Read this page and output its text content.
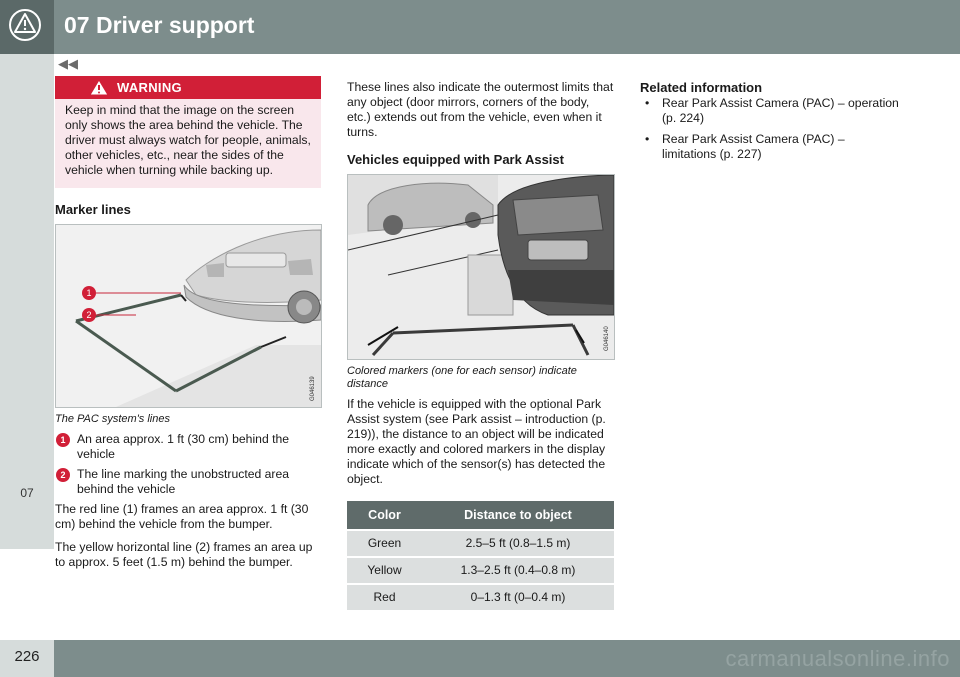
07 Driver support
◀◀
07
WARNING
Keep in mind that the image on the screen only shows the area behind the vehicle. The driver must always watch for people, animals, other vehicles, etc., near the sides of the vehicle when turning while backing up.
Marker lines
1
2
G046139
The PAC system's lines
1 An area approx. 1 ft (30 cm) behind the vehicle
2 The line marking the unobstructed area behind the vehicle

The red line (1) frames an area approx. 1 ft (30 cm) behind the vehicle from the bumper.

The yellow horizontal line (2) frames an area up to approx. 5 feet (1.5 m) behind the bumper.

These lines also indicate the outermost limits that any object (door mirrors, corners of the body, etc.) extends out from the vehicle, even when it turns.

Vehicles equipped with Park Assist
G046140
Colored markers (one for each sensor) indicate distance

If the vehicle is equipped with the optional Park Assist system (see Park assist – introduction (p. 219)), the distance to an object will be indicated more exactly and colored markers in the display indicate which of the sensor(s) has detected the object.

Color	Distance to object
Green	2.5–5 ft (0.8–1.5 m)
Yellow	1.3–2.5 ft (0.4–0.8 m)
Red	0–1.3 ft (0–0.4 m)
Related information
• Rear Park Assist Camera (PAC) – operation (p. 224)
• Rear Park Assist Camera (PAC) – limitations (p. 227)
226	carmanualsonline.info
